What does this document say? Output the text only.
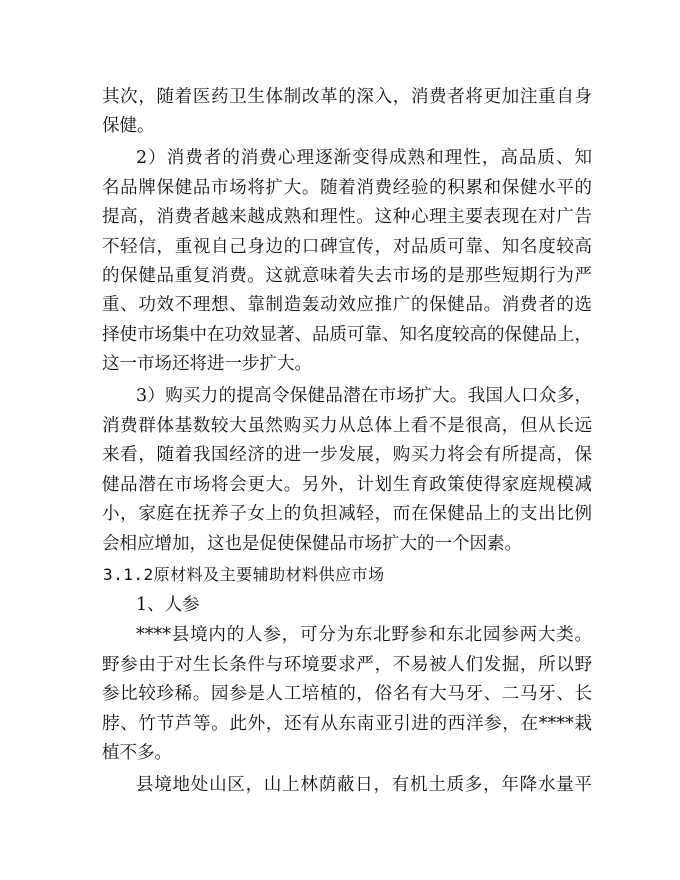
其次，随着医药卫生体制改革的深入，消费者将更加注重自身

保健。

2）消费者的消费心理逐渐变得成熟和理性，高品质、知

名品牌保健品市场将扩大。随着消费经验的积累和保健水平的

提高，消费者越来越成熟和理性。这种心理主要表现在对广告

不轻信，重视自己身边的口碑宣传，对品质可靠、知名度较高

的保健品重复消费。这就意味着失去市场的是那些短期行为严

重、功效不理想、靠制造轰动效应推广的保健品。消费者的选

择使市场集中在功效显著、品质可靠、知名度较高的保健品上，

这一市场还将进一步扩大。

3）购买力的提高令保健品潜在市场扩大。我国人口众多，

消费群体基数较大虽然购买力从总体上看不是很高，但从长远

来看，随着我国经济的进一步发展，购买力将会有所提高，保

健品潜在市场将会更大。另外，计划生育政策使得家庭规模减

小，家庭在抚养子女上的负担减轻，而在保健品上的支出比例

会相应增加，这也是促使保健品市场扩大的一个因素。

3.1.2原材料及主要辅助材料供应市场

1、人参

****县境内的人参，可分为东北野参和东北园参两大类。

野参由于对生长条件与环境要求严，不易被人们发掘，所以野

参比较珍稀。园参是人工培植的，俗名有大马牙、二马牙、长

脖、竹节芦等。此外，还有从东南亚引进的西洋参，在****栽

植不多。

县境地处山区，山上林荫蔽日，有机土质多，年降水量平
